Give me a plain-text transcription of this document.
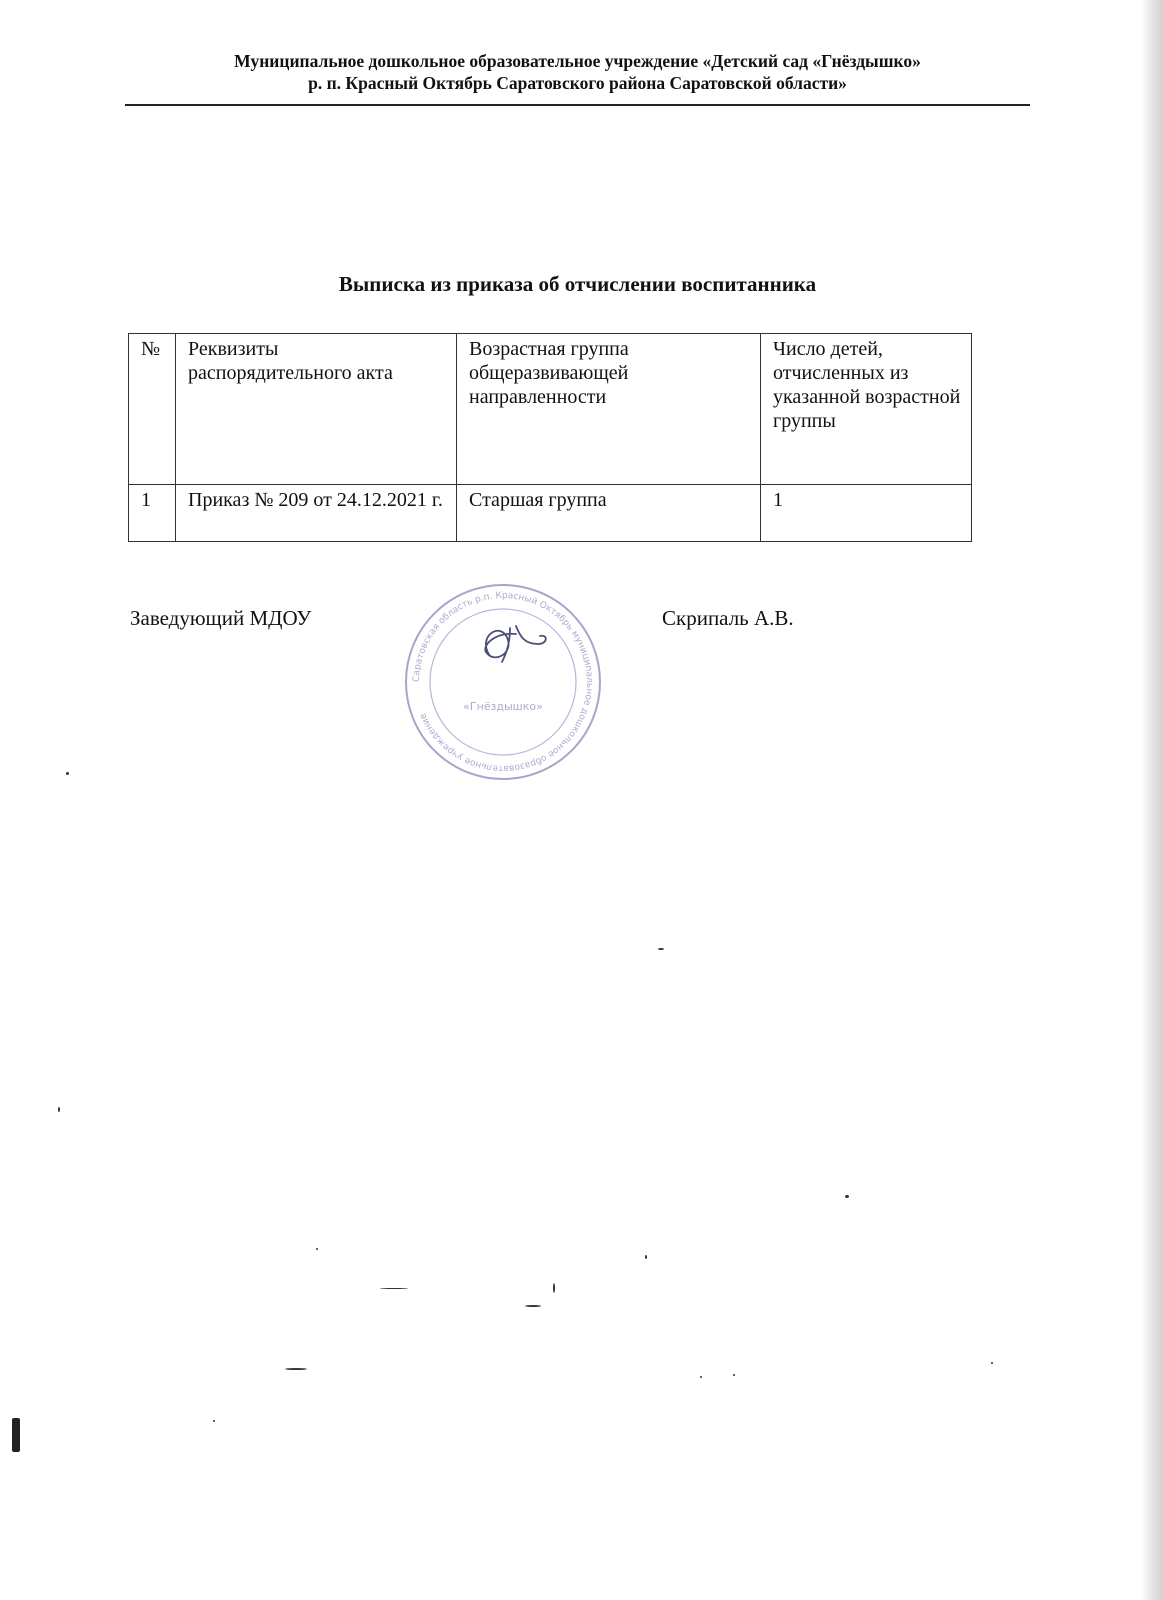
Муниципальное дошкольное образовательное учреждение «Детский сад «Гнёздышко»
р. п. Красный Октябрь Саратовского района Саратовской области»
Выписка из приказа об отчислении воспитанника
№	Реквизиты распорядительного акта	Возрастная группа общеразвивающей направленности	Число детей, отчисленных из указанной возрастной группы
1	Приказ № 209 от 24.12.2021 г.	Старшая группа	1
Заведующий МДОУ	Скрипаль А.В.
Саратовская область р.п. Красный Октябрь муниципальное дошкольное образовательное учреждение
«Гнёздышко»
